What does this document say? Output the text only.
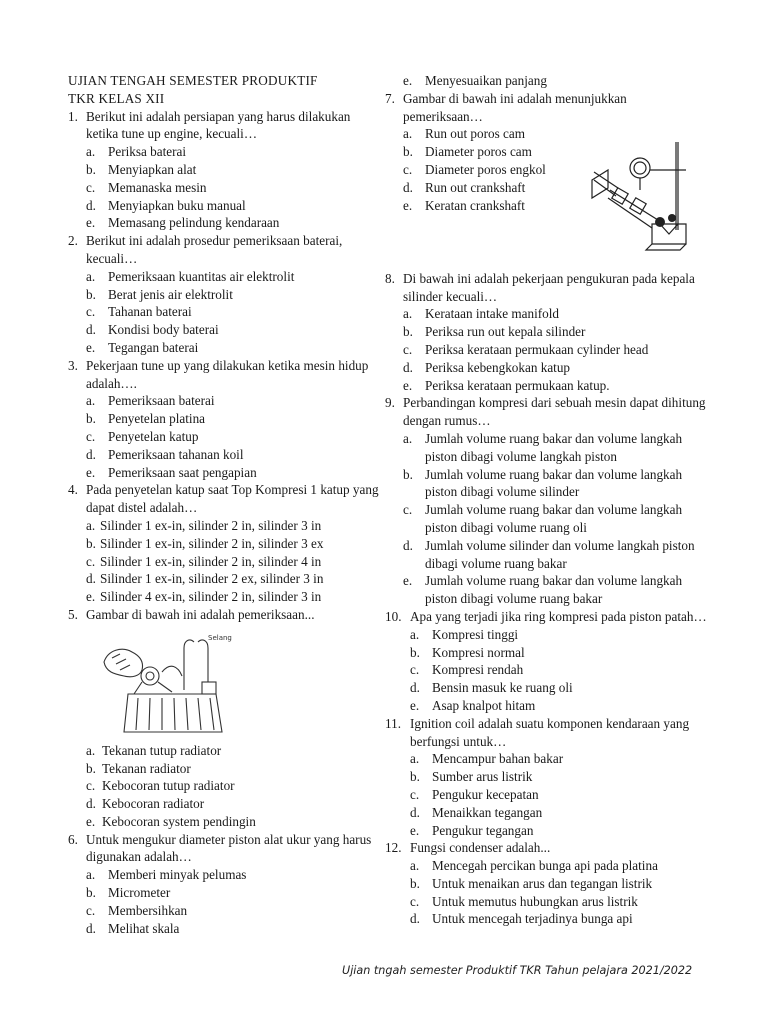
UJIAN TENGAH SEMESTER PRODUKTIF
TKR KELAS XII
1. Berikut ini adalah persiapan yang harus dilakukan ketika tune up engine, kecuali…
a. Periksa baterai
b. Menyiapkan alat
c. Memanaska mesin
d. Menyiapkan buku manual
e. Memasang pelindung kendaraan
2. Berikut ini adalah prosedur pemeriksaan baterai, kecuali…
a. Pemeriksaan kuantitas air elektrolit
b. Berat jenis air elektrolit
c. Tahanan baterai
d. Kondisi body baterai
e. Tegangan baterai
3. Pekerjaan tune up yang dilakukan ketika mesin hidup adalah….
a. Pemeriksaan baterai
b. Penyetelan platina
c. Penyetelan katup
d. Pemeriksaan tahanan koil
e. Pemeriksaan saat pengapian
4. Pada penyetelan katup saat Top Kompresi 1 katup yang dapat distel adalah…
a. Silinder 1 ex-in, silinder 2 in, silinder 3 in
b. Silinder 1 ex-in, silinder 2 in, silinder 3 ex
c. Silinder 1 ex-in, silinder 2 in, silinder 4 in
d. Silinder 1 ex-in, silinder 2 ex, silinder 3 in
e. Silinder 4 ex-in, silinder 2 in, silinder 3 in
5. Gambar di bawah ini adalah pemeriksaan...
Selang
a. Tekanan tutup radiator
b. Tekanan radiator
c. Kebocoran tutup radiator
d. Kebocoran radiator
e. Kebocoran system pendingin
6. Untuk mengukur diameter piston alat ukur yang harus digunakan adalah…
a. Memberi minyak pelumas
b. Micrometer
c. Membersihkan
d. Melihat skala
e. Menyesuaikan panjang
7. Gambar di bawah ini adalah menunjukkan pemeriksaan…
a. Run out poros cam
b. Diameter poros cam
c. Diameter poros engkol
d. Run out crankshaft
e. Keratan crankshaft
8. Di bawah ini adalah pekerjaan pengukuran pada kepala silinder kecuali…
a. Kerataan intake manifold
b. Periksa run out kepala silinder
c. Periksa kerataan permukaan cylinder head
d. Periksa kebengkokan katup
e. Periksa kerataan permukaan katup.
9. Perbandingan kompresi dari sebuah mesin dapat dihitung dengan rumus…
a. Jumlah volume ruang bakar dan volume langkah piston dibagi volume langkah piston
b. Jumlah volume ruang bakar dan volume langkah piston dibagi volume silinder
c. Jumlah volume ruang bakar dan volume langkah piston dibagi volume ruang oli
d. Jumlah volume silinder dan volume langkah piston dibagi volume ruang bakar
e. Jumlah volume ruang bakar dan volume langkah piston dibagi volume ruang bakar
10. Apa yang terjadi jika ring kompresi pada piston patah…
a. Kompresi tinggi
b. Kompresi normal
c. Kompresi rendah
d. Bensin masuk ke ruang oli
e. Asap knalpot hitam
11. Ignition coil adalah suatu komponen kendaraan yang berfungsi untuk…
a. Mencampur bahan bakar
b. Sumber arus listrik
c. Pengukur kecepatan
d. Menaikkan tegangan
e. Pengukur tegangan
12. Fungsi condenser adalah...
a. Mencegah percikan bunga api pada platina
b. Untuk menaikan arus dan tegangan listrik
c. Untuk memutus hubungkan arus listrik
d. Untuk mencegah terjadinya bunga api
Ujian tngah semester Produktif TKR Tahun pelajara 2021/2022
